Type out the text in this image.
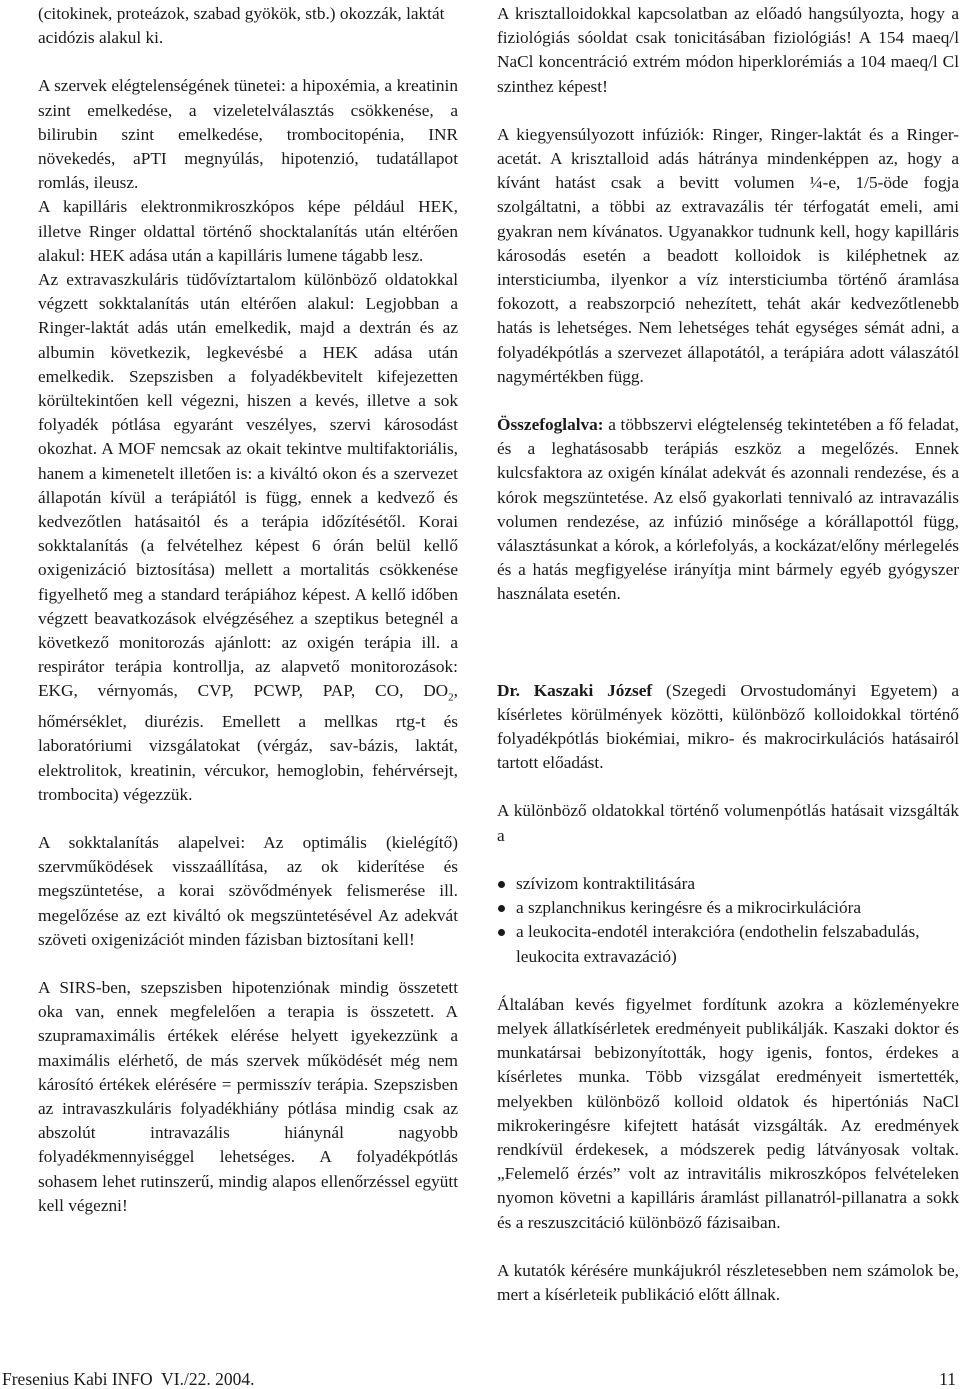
(citokinek, proteázok, szabad gyökök, stb.) okozzák, laktát acidózis alakul ki.

A szervek elégtelenségének tünetei: a hipoxémia, a kreatinin szint emelkedése, a vizeletelválasztás csökkenése, a bilirubin szint emelkedése, trombocitopénia, INR növekedés, aPTI megnyúlás, hipotenzió, tudatállapot romlás, ileusz.

A kapilláris elektronmikroszkópos képe például HEK, illetve Ringer oldattal történő shocktalanítás után eltérően alakul: HEK adása után a kapilláris lumene tágabb lesz.

Az extravaszkuláris tüdővíztartalom különböző oldatokkal végzett sokktalanítás után eltérően alakul: Legjobban a Ringer-laktát adás után emelkedik, majd a dextrán és az albumin következik, legkevésbé a HEK adása után emelkedik. Szepszisben a folyadékbevitelt kifejezetten körültekintően kell végezni, hiszen a kevés, illetve a sok folyadék pótlása egyaránt veszélyes, szervi károsodást okozhat. A MOF nemcsak az okait tekintve multifaktoriális, hanem a kimenetelt illetően is: a kiváltó okon és a szervezet állapotán kívül a terápiától is függ, ennek a kedvező és kedvezőtlen hatásaitól és a terápia időzítésétől. Korai sokktalanítás (a felvételhez képest 6 órán belül kellő oxigenizáció biztosítása) mellett a mortalitás csökkenése figyelhető meg a standard terápiához képest. A kellő időben végzett beavatkozások elvégzéséhez a szeptikus betegnél a következő monitorozás ajánlott: az oxigén terápia ill. a respirátor terápia kontrollja, az alapvető monitorozások: EKG, vérnyomás, CVP, PCWP, PAP, CO, $DO_2$, hőmérséklet, diurézis. Emellett a mellkas rtg-t és laboratóriumi vizsgálatokat (vérgáz, sav-bázis, laktát, elektrolitok, kreatinin, vércukor, hemoglobin, fehérvérsejt, trombocita) végezzük.

A sokktalanítás alapelvei: Az optimális (kielégítő) szervműködések visszaállítása, az ok kiderítése és megszüntetése, a korai szövődmények felismerése ill. megelőzése az ezt kiváltó ok megszüntetésével Az adekvát szöveti oxigenizációt minden fázisban biztosítani kell!

A SIRS-ben, szepszisben hipotenziónak mindig összetett oka van, ennek megfelelően a terapia is összetett. A szupramaximális értékek elérése helyett igyekezzünk a maximális elérhető, de más szervek működését még nem károsító értékek elérésére = permisszív terápia. Szepszisben az intravaszkuláris folyadékhiány pótlása mindig csak az abszolút intravazális hiánynál nagyobb folyadékmennyiséggel lehetséges. A folyadékpótlás sohasem lehet rutinszerű, mindig alapos ellenőrzéssel együtt kell végezni!

A krisztalloidokkal kapcsolatban az előadó hangsúlyozta, hogy a fiziológiás sóoldat csak tonicitásában fiziológiás! A 154 maeq/l NaCl koncentráció extrém módon hiperklorémiás a 104 maeq/l Cl szinthez képest!

A kiegyensúlyozott infúziók: Ringer, Ringer-laktát és a Ringer-acetát. A krisztalloid adás hátránya mindenképpen az, hogy a kívánt hatást csak a bevitt volumen ¼-e, 1/5-öde fogja szolgáltatni, a többi az extravazális tér térfogatát emeli, ami gyakran nem kívánatos. Ugyanakkor tudnunk kell, hogy kapilláris károsodás esetén a beadott kolloidok is kiléphetnek az intersticiumba, ilyenkor a víz intersticiumba történő áramlása fokozott, a reabszorpció nehezített, tehát akár kedvezőtlenebb hatás is lehetséges. Nem lehetséges tehát egységes sémát adni, a folyadékpótlás a szervezet állapotától, a terápiára adott válaszától nagymértékben függ.

Összefoglalva: a többszervi elégtelenség tekintetében a fő feladat, és a leghatásosabb terápiás eszköz a megelőzés. Ennek kulcsfaktora az oxigén kínálat adekvát és azonnali rendezése, és a kórok megszüntetése. Az első gyakorlati tennivaló az intravazális volumen rendezése, az infúzió minősége a kórállapottól függ, választásunkat a kórok, a kórlefolyás, a kockázat/előny mérlegelés és a hatás megfigyelése irányítja mint bármely egyéb gyógyszer használata esetén.

Dr. Kaszaki József (Szegedi Orvostudományi Egyetem) a kísérletes körülmények közötti, különböző kolloidokkal történő folyadékpótlás biokémiai, mikro- és makrocirkulációs hatásairól tartott előadást.

A különböző oldatokkal történő volumenpótlás hatásait vizsgálták a

szívizom kontraktilitására
a szplanchnikus keringésre és a mikrocirkulációra
a leukocita-endotél interakcióra (endothelin felszabadulás, leukocita extravazáció)

Általában kevés figyelmet fordítunk azokra a közleményekre melyek állatkísérletek eredményeit publikálják. Kaszaki doktor és munkatársai bebizonyították, hogy igenis, fontos, érdekes a kísérletes munka. Több vizsgálat eredményeit ismertették, melyekben különböző kolloid oldatok és hipertóniás NaCl mikrokeringésre kifejtett hatását vizsgálták. Az eredmények rendkívül érdekesek, a módszerek pedig látványosak voltak. „Felemelő érzés” volt az intravitális mikroszkópos felvételeken nyomon követni a kapilláris áramlást pillanatról-pillanatra a sokk és a reszuszcitáció különböző fázisaiban.

A kutatók kérésére munkájukról részletesebben nem számolok be, mert a kísérleteik publikáció előtt állnak.

Fresenius Kabi INFO  VI./22. 2004.	11
